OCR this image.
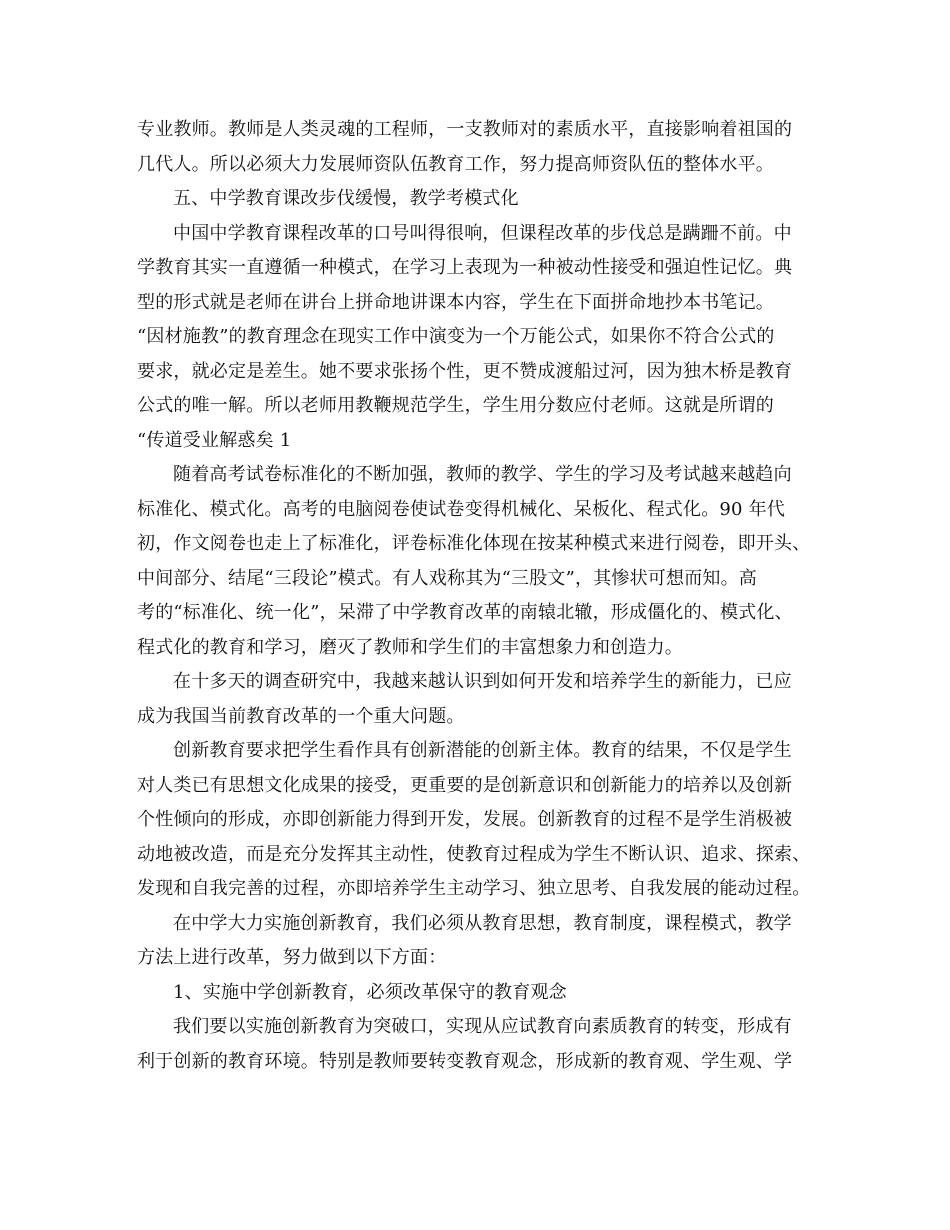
专业教师。教师是人类灵魂的工程师，一支教师对的素质水平，直接影响着祖国的
几代人。所以必须大力发展师资队伍教育工作，努力提高师资队伍的整体水平。
五、中学教育课改步伐缓慢，教学考模式化
中国中学教育课程改革的口号叫得很响，但课程改革的步伐总是蹒跚不前。中
学教育其实一直遵循一种模式，在学习上表现为一种被动性接受和强迫性记忆。典
型的形式就是老师在讲台上拼命地讲课本内容，学生在下面拼命地抄本书笔记。
“因材施教”的教育理念在现实工作中演变为一个万能公式，如果你不符合公式的
要求，就必定是差生。她不要求张扬个性，更不赞成渡船过河，因为独木桥是教育
公式的唯一解。所以老师用教鞭规范学生，学生用分数应付老师。这就是所谓的
“传道受业解惑矣 1
随着高考试卷标准化的不断加强，教师的教学、学生的学习及考试越来越趋向
标准化、模式化。高考的电脑阅卷使试卷变得机械化、呆板化、程式化。90 年代
初，作文阅卷也走上了标准化，评卷标准化体现在按某种模式来进行阅卷，即开头、
中间部分、结尾“三段论”模式。有人戏称其为“三股文”，其惨状可想而知。高
考的“标准化、统一化”，呆滞了中学教育改革的南辕北辙，形成僵化的、模式化、
程式化的教育和学习，磨灭了教师和学生们的丰富想象力和创造力。
在十多天的调查研究中，我越来越认识到如何开发和培养学生的新能力，已应
成为我国当前教育改革的一个重大问题。
创新教育要求把学生看作具有创新潜能的创新主体。教育的结果，不仅是学生
对人类已有思想文化成果的接受，更重要的是创新意识和创新能力的培养以及创新
个性倾向的形成，亦即创新能力得到开发，发展。创新教育的过程不是学生消极被
动地被改造，而是充分发挥其主动性，使教育过程成为学生不断认识、追求、探索、
发现和自我完善的过程，亦即培养学生主动学习、独立思考、自我发展的能动过程。
在中学大力实施创新教育，我们必须从教育思想，教育制度，课程模式，教学
方法上进行改革，努力做到以下方面：
1、实施中学创新教育，必须改革保守的教育观念
我们要以实施创新教育为突破口，实现从应试教育向素质教育的转变，形成有
利于创新的教育环境。特别是教师要转变教育观念，形成新的教育观、学生观、学
